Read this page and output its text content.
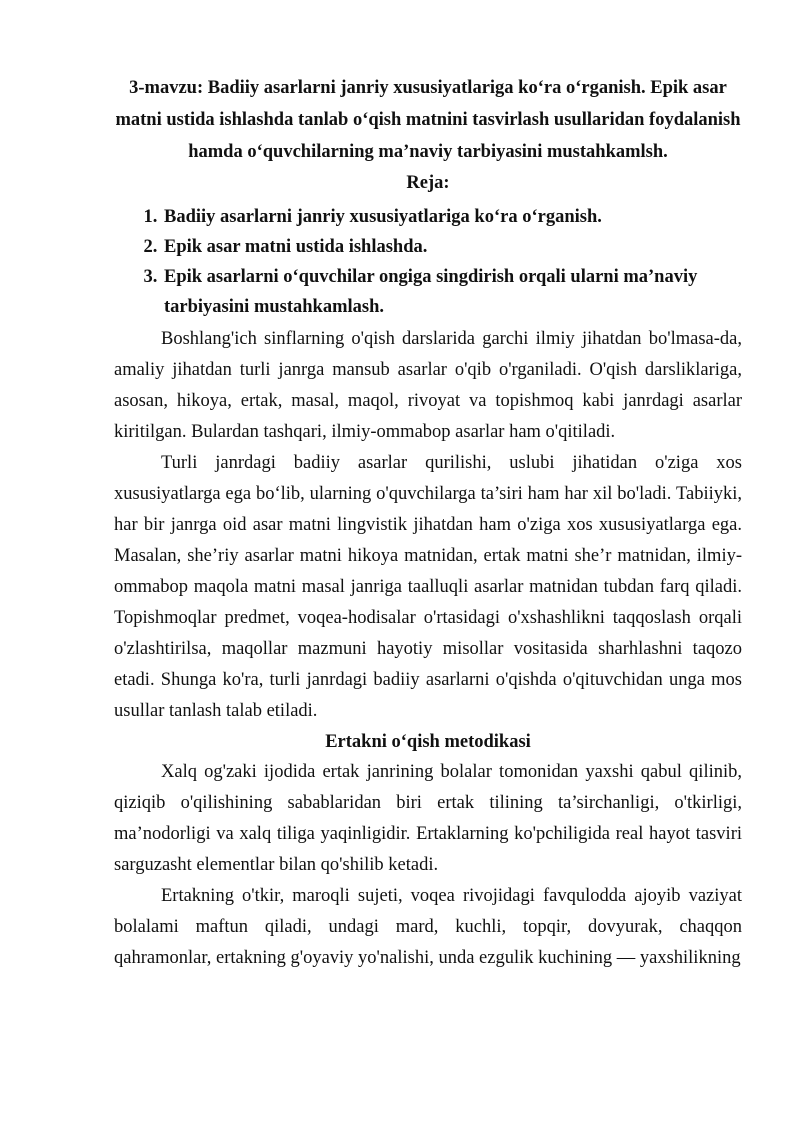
3-mavzu: Badiiy asarlarni janriy xususiyatlariga ko‘ra o‘rganish. Epik asar matni ustida ishlashda tanlab o‘qish matnini tasvirlash usullaridan foydalanish hamda o‘quvchilarning ma’naviy tarbiyasini mustahkamlsh.

Reja:

1. Badiiy asarlarni janriy xususiyatlariga ko‘ra o‘rganish.
2. Epik asar matni ustida ishlashda.
3. Epik asarlarni o‘quvchilar ongiga singdirish orqali ularni ma’naviy tarbiyasini mustahkamlash.

Boshlang'ich sinflarning o'qish darslarida garchi ilmiy jihatdan bo'lmasa-da, amaliy jihatdan turli janrga mansub asarlar o'qib o'rganiladi. O'qish darsliklariga, asosan, hikoya, ertak, masal, maqol, rivoyat va topishmoq kabi janrdagi asarlar kiritilgan. Bulardan tashqari, ilmiy-ommabop asarlar ham o'qitiladi.

Turli janrdagi badiiy asarlar qurilishi, uslubi jihatidan o'ziga xos xususiyatlarga ega bo‘lib, ularning o'quvchilarga ta’siri ham har xil bo'ladi. Tabiiyki, har bir janrga oid asar matni lingvistik jihatdan ham o'ziga xos xususiyatlarga ega. Masalan, she’riy asarlar matni hikoya matnidan, ertak matni she’r matnidan, ilmiy-ommabop maqola matni masal janriga taalluqli asarlar matnidan tubdan farq qiladi. Topishmoqlar predmet, voqea-hodisalar o'rtasidagi o'xshashlikni taqqoslash orqali o'zlashtirilsa, maqollar mazmuni hayotiy misollar vositasida sharhlashni taqozo etadi. Shunga ko'ra, turli janrdagi badiiy asarlarni o'qishda o'qituvchidan unga mos usullar tanlash talab etiladi.

Ertakni o‘qish metodikasi

Xalq og'zaki ijodida ertak janrining bolalar tomonidan yaxshi qabul qilinib, qiziqib o'qilishining sabablaridan biri ertak tilining ta’sirchanligi, o'tkirligi, ma’nodorligi va xalq tiliga yaqinligidir. Ertaklarning ko'pchiligida real hayot tasviri sarguzasht elementlar bilan qo'shilib ketadi.

Ertakning o'tkir, maroqli sujeti, voqea rivojidagi favqulodda ajoyib vaziyat bolalami maftun qiladi, undagi mard, kuchli, topqir, dovyurak, chaqqon qahramonlar, ertakning g'oyaviy yo'nalishi, unda ezgulik kuchining — yaxshilikning
